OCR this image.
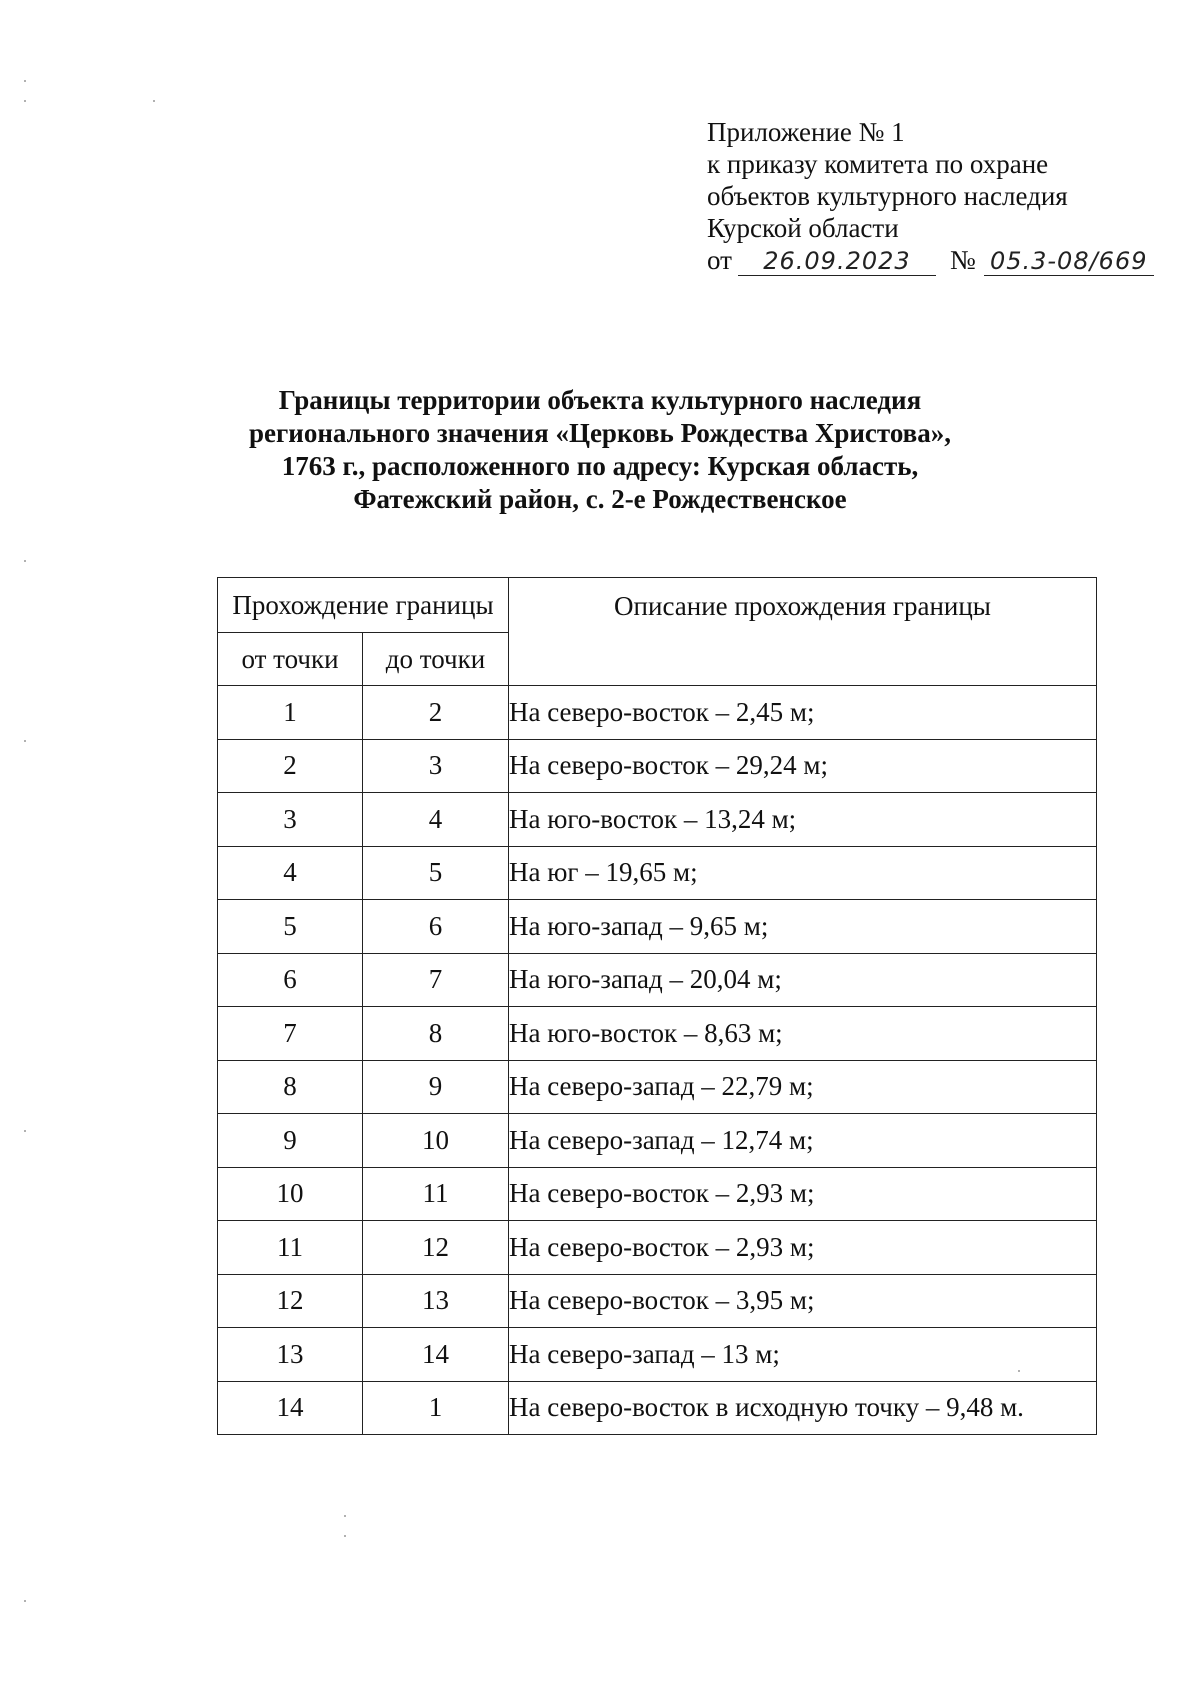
Приложение № 1
к приказу комитета по охране
объектов культурного наследия
Курской области
от 26.09.2023 № 05.3-08/669
Границы территории объекта культурного наследия
регионального значения «Церковь Рождества Христова»,
1763 г., расположенного по адресу: Курская область,
Фатежский район, с. 2-е Рождественское
Прохождение границы		Описание прохождения границы
от точки	до точки	
1	2	На северо-восток – 2,45 м;
2	3	На северо-восток – 29,24 м;
3	4	На юго-восток – 13,24 м;
4	5	На юг – 19,65 м;
5	6	На юго-запад – 9,65 м;
6	7	На юго-запад – 20,04 м;
7	8	На юго-восток – 8,63 м;
8	9	На северо-запад – 22,79 м;
9	10	На северо-запад – 12,74 м;
10	11	На северо-восток – 2,93 м;
11	12	На северо-восток – 2,93 м;
12	13	На северо-восток – 3,95 м;
13	14	На северо-запад – 13 м;
14	1	На северо-восток в исходную точку – 9,48 м.
